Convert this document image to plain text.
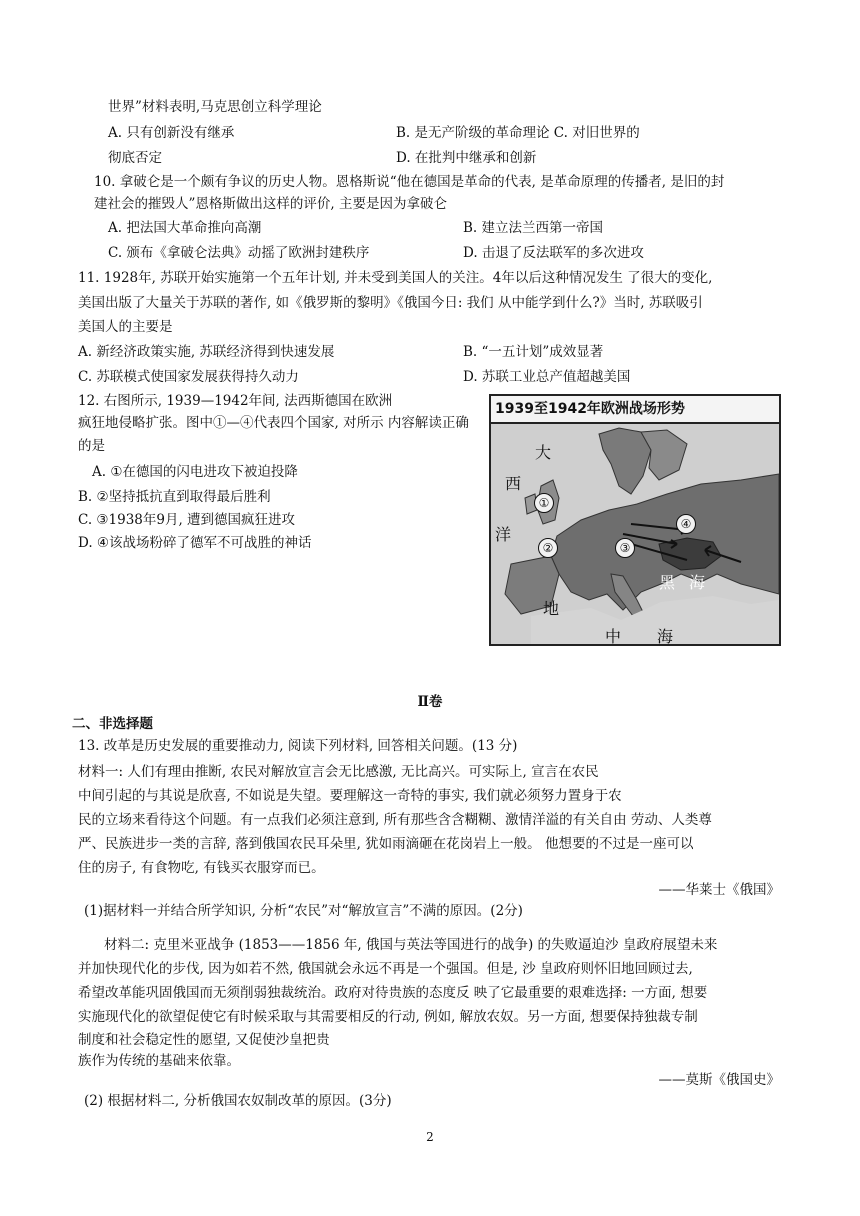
世界”材料表明,马克思创立科学理论
A. 只有创新没有继承	B. 是无产阶级的革命理论 C. 对旧世界的
彻底否定	D. 在批判中继承和创新
10. 拿破仑是一个颇有争议的历史人物。恩格斯说“他在德国是革命的代表, 是革命原理的传播者, 是旧的封
建社会的摧毁人”恩格斯做出这样的评价, 主要是因为拿破仑
A. 把法国大革命推向高潮	B. 建立法兰西第一帝国
C. 颁布《拿破仑法典》动摇了欧洲封建秩序	D. 击退了反法联军的多次进攻
11. 1928年, 苏联开始实施第一个五年计划, 并未受到美国人的关注。4年以后这种情况发生 了很大的变化,
美国出版了大量关于苏联的著作, 如《俄罗斯的黎明》《俄国今日: 我们 从中能学到什么?》当时, 苏联吸引
美国人的主要是
A. 新经济政策实施, 苏联经济得到快速发展	B. “一五计划”成效显著
C. 苏联模式使国家发展获得持久动力	D. 苏联工业总产值超越美国
12. 右图所示, 1939—1942年间, 法西斯德国在欧洲
疯狂地侵略扩张。图中①—④代表四个国家, 对所示 内容解读正确
的是
A. ①在德国的闪电进攻下被迫投降
B. ②坚持抵抗直到取得最后胜利
C. ③1938年9月, 遭到德国疯狂进攻
D. ④该战场粉碎了德军不可战胜的神话
1939至1942年欧洲战场形势
大
西
洋
黑 海
地
中 海
①
②	③
④
Ⅱ卷
二、非选择题
13. 改革是历史发展的重要推动力, 阅读下列材料, 回答相关问题。(13 分)
材料一: 人们有理由推断, 农民对解放宣言会无比感激, 无比高兴。可实际上, 宣言在农民
中间引起的与其说是欣喜, 不如说是失望。要理解这一奇特的事实, 我们就必须努力置身于农
民的立场来看待这个问题。有一点我们必须注意到, 所有那些含含糊糊、激情洋溢的有关自由 劳动、人类尊
严、民族进步一类的言辞, 落到俄国农民耳朵里, 犹如雨滴砸在花岗岩上一般。 他想要的不过是一座可以
住的房子, 有食物吃, 有钱买衣服穿而已。
——华莱士《俄国》
(1)据材料一并结合所学知识, 分析“农民”对“解放宣言”不满的原因。(2分)
材料二: 克里米亚战争 (1853——1856 年, 俄国与英法等国进行的战争) 的失败逼迫沙 皇政府展望未来
并加快现代化的步伐, 因为如若不然, 俄国就会永远不再是一个强国。但是, 沙 皇政府则怀旧地回顾过去,
希望改革能巩固俄国而无须削弱独裁统治。政府对待贵族的态度反 映了它最重要的艰难选择: 一方面, 想要
实施现代化的欲望促使它有时候采取与其需要相反的行动, 例如, 解放农奴。另一方面, 想要保持独裁专制
制度和社会稳定性的愿望, 又促使沙皇把贵
族作为传统的基础来依靠。
——莫斯《俄国史》
(2) 根据材料二, 分析俄国农奴制改革的原因。(3分)
2
